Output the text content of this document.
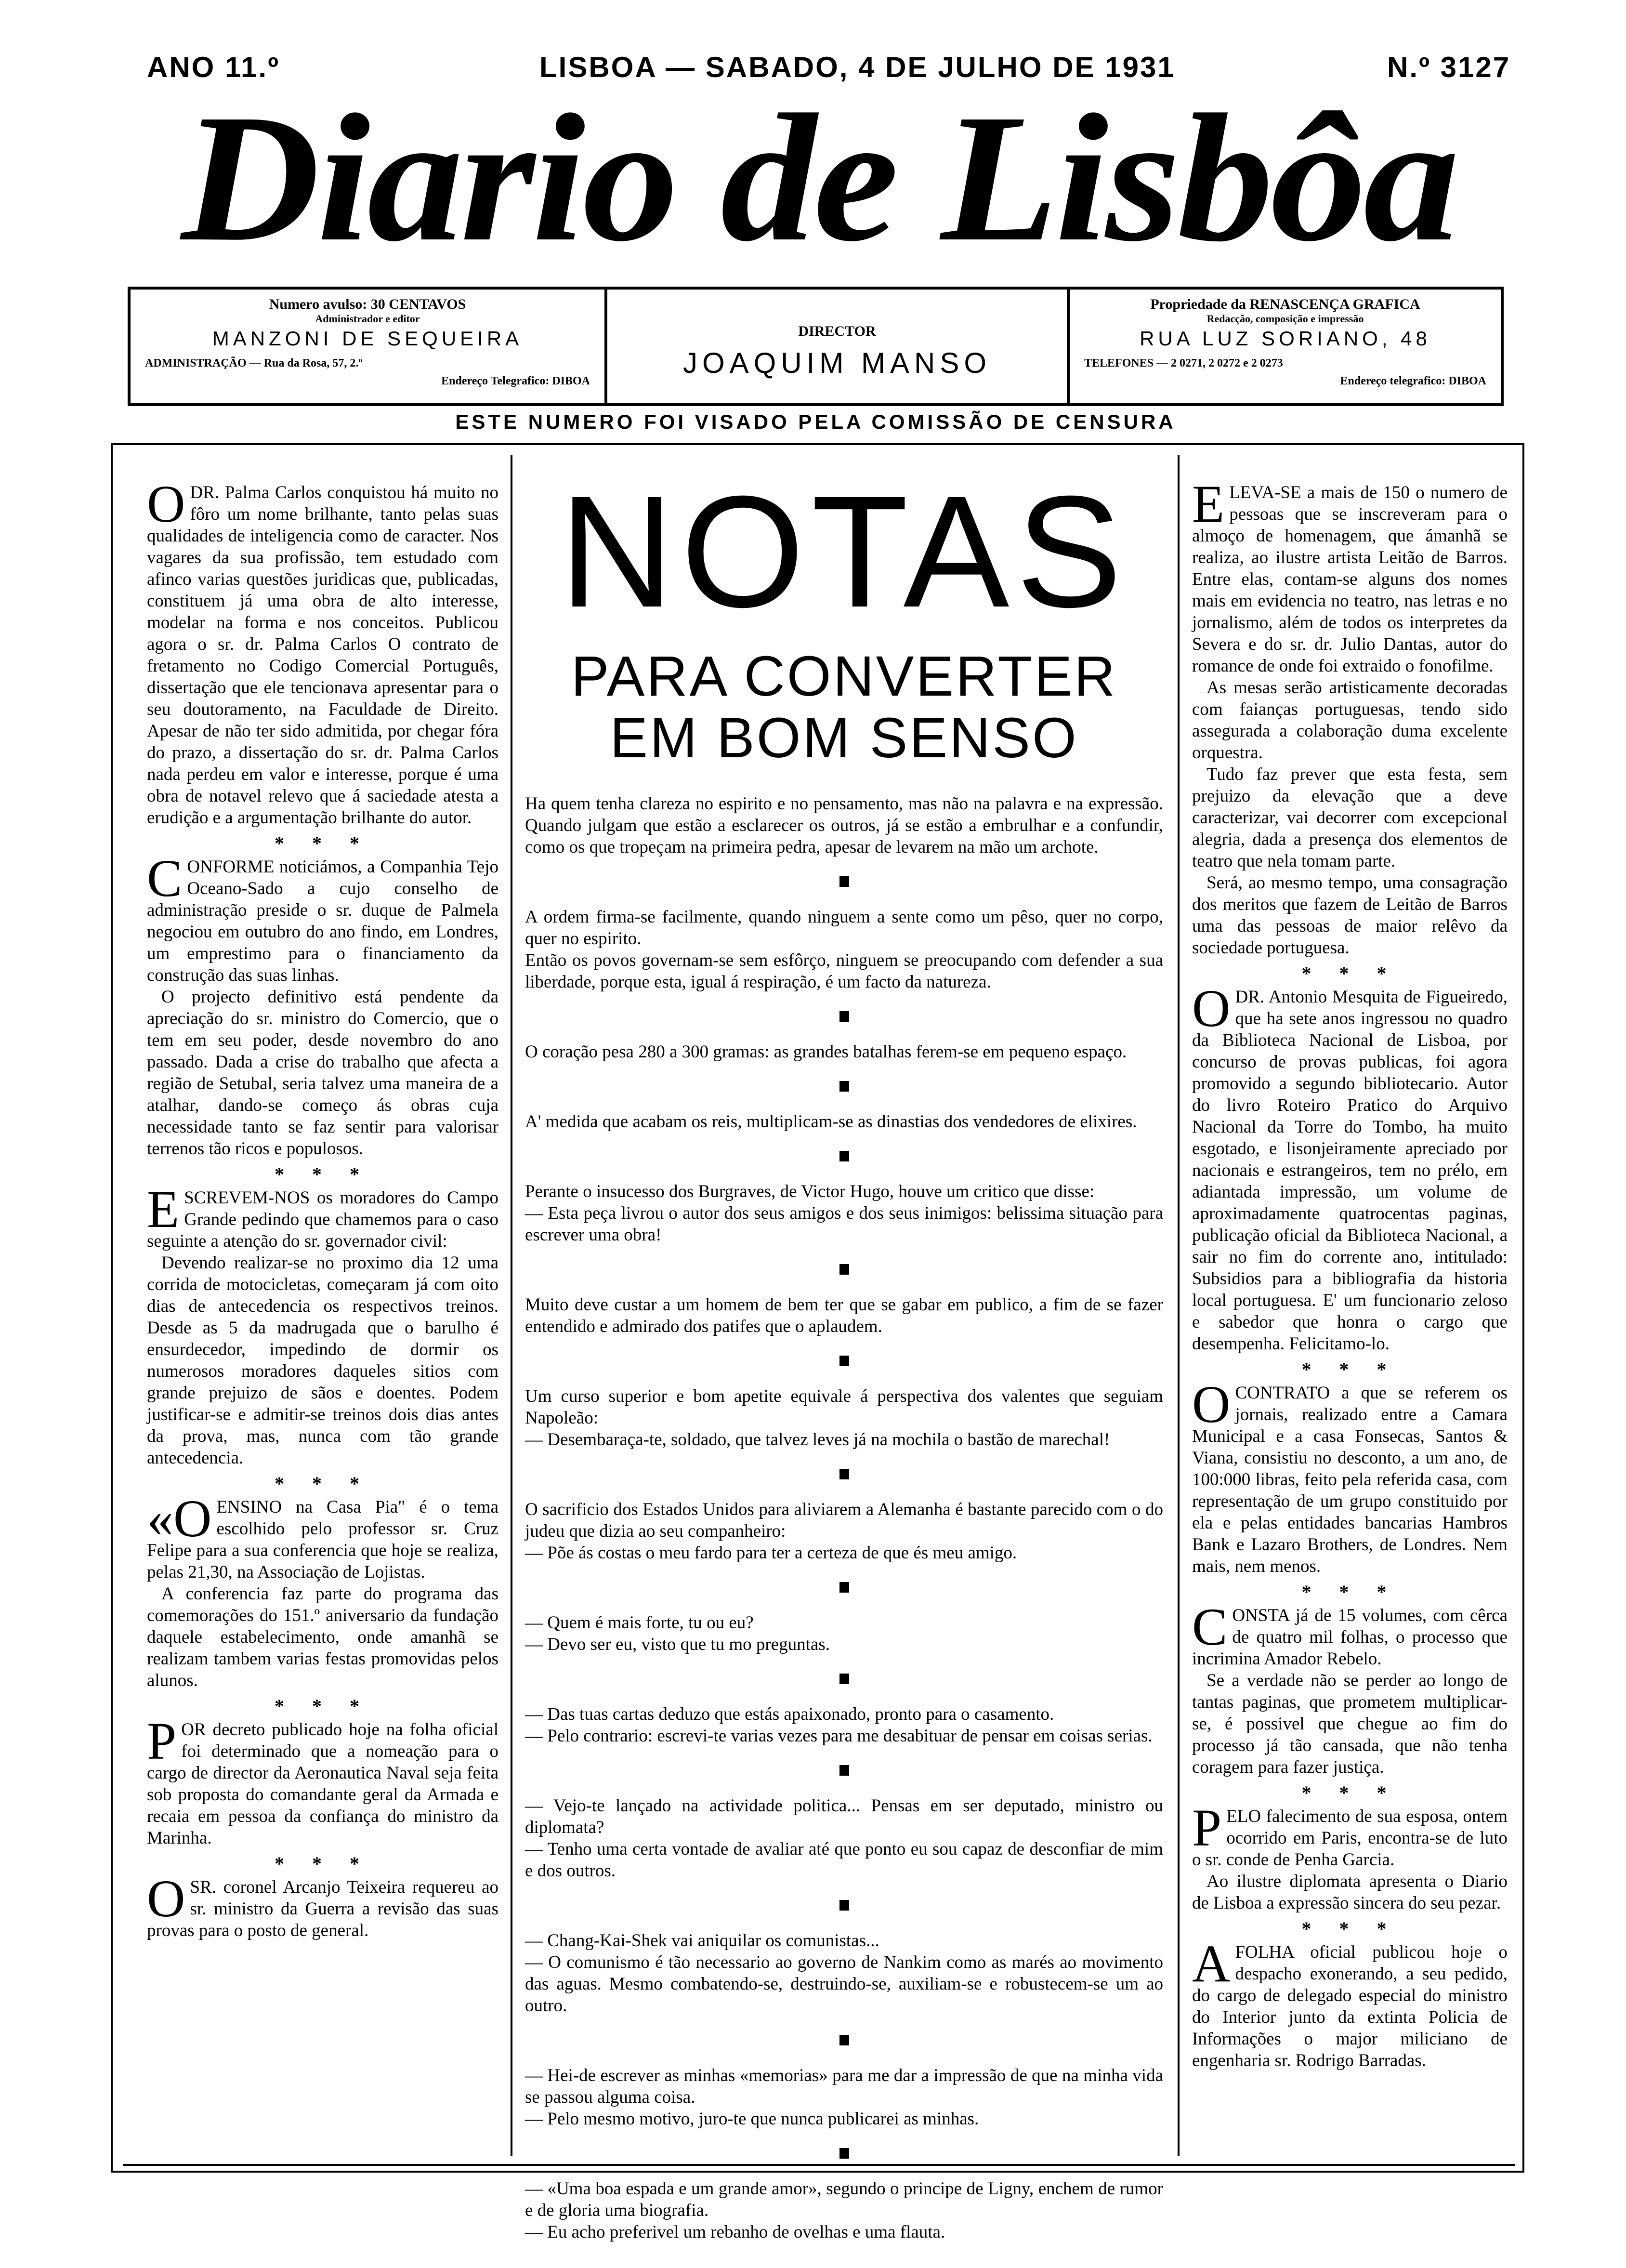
ANO 11.º	LISBOA — SABADO, 4 DE JULHO DE 1931	N.º 3127
Diario de Lisbôa
Numero avulso: 30 CENTAVOS
Administrador e editor
MANZONI DE SEQUEIRA
ADMINISTRAÇÃO — Rua da Rosa, 57, 2.º
Endereço Telegrafico: DIBOA
DIRECTOR
JOAQUIM MANSO
Propriedade da RENASCENÇA GRAFICA
Redacção, composição e impressão
RUA LUZ SORIANO, 48
TELEFONES — 2 0271, 2 0272 e 2 0273
Endereço telegrafico: DIBOA
ESTE NUMERO FOI VISADO PELA COMISSÃO DE CENSURA

ODR. Palma Carlos conquistou há muito no fôro um nome brilhante, tanto pelas suas qualidades de inteligencia como de caracter. Nos vagares da sua profissão, tem estudado com afinco varias questões juridicas que, publicadas, constituem já uma obra de alto interesse, modelar na forma e nos conceitos. Publicou agora o sr. dr. Palma Carlos O contrato de fretamento no Codigo Comercial Português, dissertação que ele tencionava apresentar para o seu doutoramento, na Faculdade de Direito. Apesar de não ter sido admitida, por chegar fóra do prazo, a dissertação do sr. dr. Palma Carlos nada perdeu em valor e interesse, porque é uma obra de notavel relevo que á saciedade atesta a erudição e a argumentação brilhante do autor.

* * *

CONFORME noticiámos, a Companhia Tejo Oceano-Sado a cujo conselho de administração preside o sr. duque de Palmela negociou em outubro do ano findo, em Londres, um emprestimo para o financiamento da construção das suas linhas.

O projecto definitivo está pendente da apreciação do sr. ministro do Comercio, que o tem em seu poder, desde novembro do ano passado. Dada a crise do trabalho que afecta a região de Setubal, seria talvez uma maneira de a atalhar, dando-se começo ás obras cuja necessidade tanto se faz sentir para valorisar terrenos tão ricos e populosos.

* * *

ESCREVEM-NOS os moradores do Campo Grande pedindo que chamemos para o caso seguinte a atenção do sr. governador civil:

Devendo realizar-se no proximo dia 12 uma corrida de motocicletas, começaram já com oito dias de antecedencia os respectivos treinos. Desde as 5 da madrugada que o barulho é ensurdecedor, impedindo de dormir os numerosos moradores daqueles sitios com grande prejuizo de sãos e doentes. Podem justificar-se e admitir-se treinos dois dias antes da prova, mas, nunca com tão grande antecedencia.

* * *

«OENSINO na Casa Pia" é o tema escolhido pelo professor sr. Cruz Felipe para a sua conferencia que hoje se realiza, pelas 21,30, na Associação de Lojistas.

A conferencia faz parte do programa das comemorações do 151.º aniversario da fundação daquele estabelecimento, onde amanhã se realizam tambem varias festas promovidas pelos alunos.

* * *

POR decreto publicado hoje na folha oficial foi determinado que a nomeação para o cargo de director da Aeronautica Naval seja feita sob proposta do comandante geral da Armada e recaia em pessoa da confiança do ministro da Marinha.

* * *

OSR. coronel Arcanjo Teixeira requereu ao sr. ministro da Guerra a revisão das suas provas para o posto de general.

NOTAS
PARA CONVERTER
EM BOM SENSO

Ha quem tenha clareza no espirito e no pensamento, mas não na palavra e na expressão. Quando julgam que estão a esclarecer os outros, já se estão a embrulhar e a confundir, como os que tropeçam na primeira pedra, apesar de levarem na mão um archote.

A ordem firma-se facilmente, quando ninguem a sente como um pêso, quer no corpo, quer no espirito.

Então os povos governam-se sem esfôrço, ninguem se preocupando com defender a sua liberdade, porque esta, igual á respiração, é um facto da natureza.

O coração pesa 280 a 300 gramas: as grandes batalhas ferem-se em pequeno espaço.

A' medida que acabam os reis, multiplicam-se as dinastias dos vendedores de elixires.

Perante o insucesso dos Burgraves, de Victor Hugo, houve um critico que disse:

— Esta peça livrou o autor dos seus amigos e dos seus inimigos: belissima situação para escrever uma obra!

Muito deve custar a um homem de bem ter que se gabar em publico, a fim de se fazer entendido e admirado dos patifes que o aplaudem.

Um curso superior e bom apetite equivale á perspectiva dos valentes que seguiam Napoleão:

— Desembaraça-te, soldado, que talvez leves já na mochila o bastão de marechal!

O sacrificio dos Estados Unidos para aliviarem a Alemanha é bastante parecido com o do judeu que dizia ao seu companheiro:

— Põe ás costas o meu fardo para ter a certeza de que és meu amigo.

— Quem é mais forte, tu ou eu?

— Devo ser eu, visto que tu mo preguntas.

— Das tuas cartas deduzo que estás apaixonado, pronto para o casamento.

— Pelo contrario: escrevi-te varias vezes para me desabituar de pensar em coisas serias.

— Vejo-te lançado na actividade politica... Pensas em ser deputado, ministro ou diplomata?

— Tenho uma certa vontade de avaliar até que ponto eu sou capaz de desconfiar de mim e dos outros.

— Chang-Kai-Shek vai aniquilar os comunistas...

— O comunismo é tão necessario ao governo de Nankim como as marés ao movimento das aguas. Mesmo combatendo-se, destruindo-se, auxiliam-se e robustecem-se um ao outro.

— Hei-de escrever as minhas «memorias» para me dar a impressão de que na minha vida se passou alguma coisa.

— Pelo mesmo motivo, juro-te que nunca publicarei as minhas.

— «Uma boa espada e um grande amor», segundo o principe de Ligny, enchem de rumor e de gloria uma biografia.

— Eu acho preferivel um rebanho de ovelhas e uma flauta.

ELEVA-SE a mais de 150 o numero de pessoas que se inscreveram para o almoço de homenagem, que ámanhã se realiza, ao ilustre artista Leitão de Barros. Entre elas, contam-se alguns dos nomes mais em evidencia no teatro, nas letras e no jornalismo, além de todos os interpretes da Severa e do sr. dr. Julio Dantas, autor do romance de onde foi extraido o fonofilme.

As mesas serão artisticamente decoradas com faianças portuguesas, tendo sido assegurada a colaboração duma excelente orquestra.

Tudo faz prever que esta festa, sem prejuizo da elevação que a deve caracterizar, vai decorrer com excepcional alegria, dada a presença dos elementos de teatro que nela tomam parte.

Será, ao mesmo tempo, uma consagração dos meritos que fazem de Leitão de Barros uma das pessoas de maior relêvo da sociedade portuguesa.

* * *

ODR. Antonio Mesquita de Figueiredo, que ha sete anos ingressou no quadro da Biblioteca Nacional de Lisboa, por concurso de provas publicas, foi agora promovido a segundo bibliotecario. Autor do livro Roteiro Pratico do Arquivo Nacional da Torre do Tombo, ha muito esgotado, e lisonjeiramente apreciado por nacionais e estrangeiros, tem no prélo, em adiantada impressão, um volume de aproximadamente quatrocentas paginas, publicação oficial da Biblioteca Nacional, a sair no fim do corrente ano, intitulado: Subsidios para a bibliografia da historia local portuguesa. E' um funcionario zeloso e sabedor que honra o cargo que desempenha. Felicitamo-lo.

* * *

OCONTRATO a que se referem os jornais, realizado entre a Camara Municipal e a casa Fonsecas, Santos & Viana, consistiu no desconto, a um ano, de 100:000 libras, feito pela referida casa, com representação de um grupo constituido por ela e pelas entidades bancarias Hambros Bank e Lazaro Brothers, de Londres. Nem mais, nem menos.

* * *

CONSTA já de 15 volumes, com cêrca de quatro mil folhas, o processo que incrimina Amador Rebelo.

Se a verdade não se perder ao longo de tantas paginas, que prometem multiplicar-se, é possivel que chegue ao fim do processo já tão cansada, que não tenha coragem para fazer justiça.

* * *

PELO falecimento de sua esposa, ontem ocorrido em Paris, encontra-se de luto o sr. conde de Penha Garcia.

Ao ilustre diplomata apresenta o Diario de Lisboa a expressão sincera do seu pezar.

* * *

AFOLHA oficial publicou hoje o despacho exonerando, a seu pedido, do cargo de delegado especial do ministro do Interior junto da extinta Policia de Informações o major miliciano de engenharia sr. Rodrigo Barradas.
